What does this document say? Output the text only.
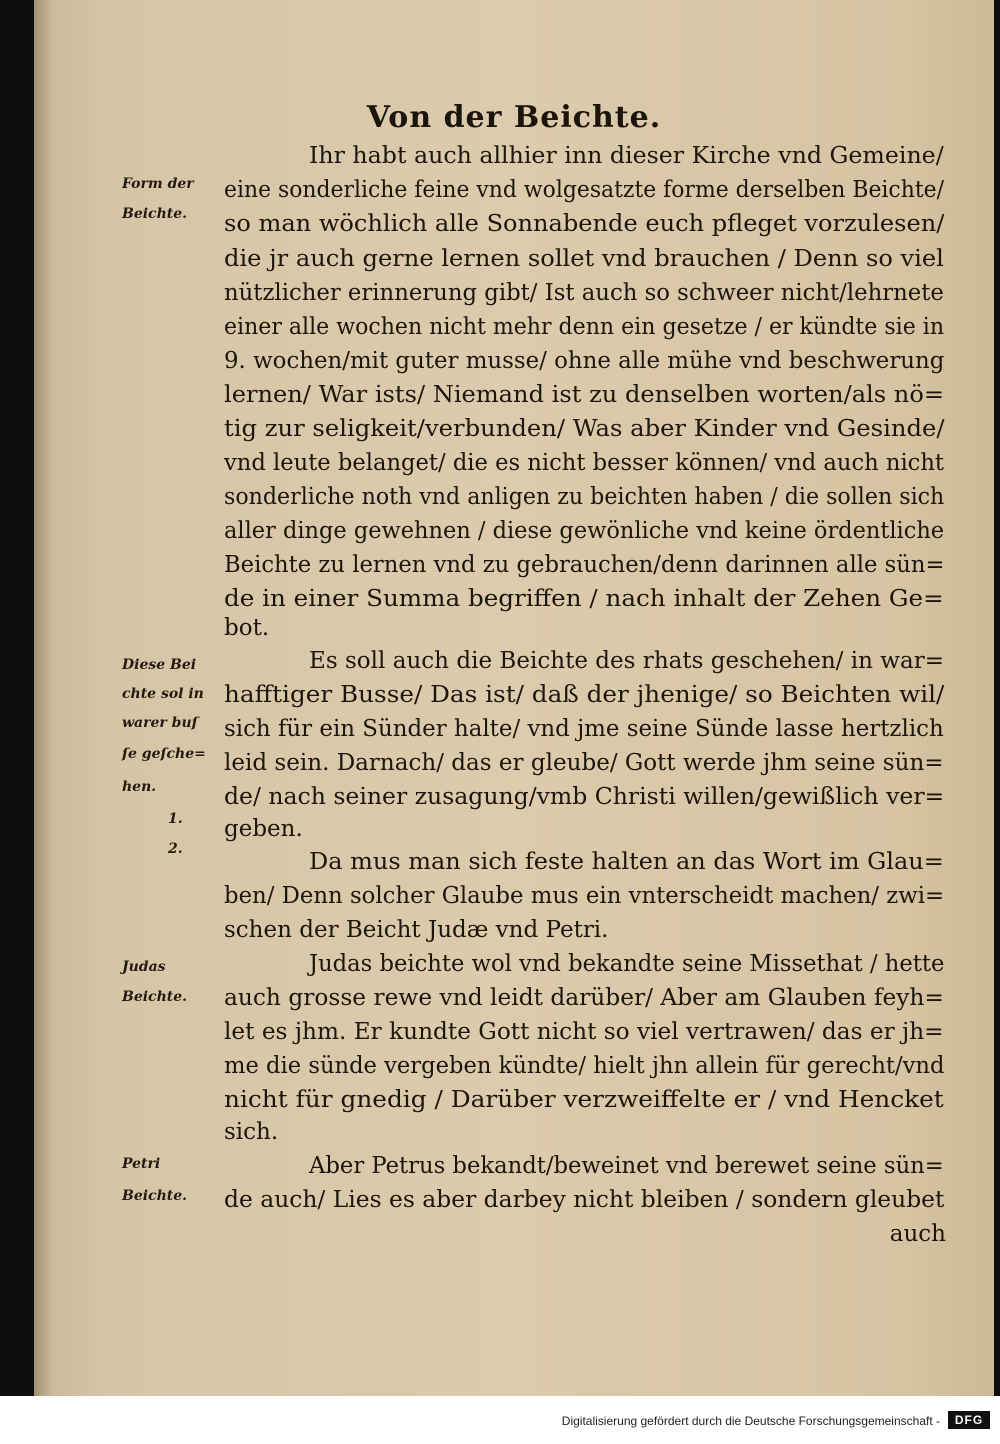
Von der Beichte.
Form der
Beichte.
Diese Bei
chte sol in
warer buſ
ſe geſche=
hen.
1.
2.
Judas
Beichte.
Petri
Beichte.
Ihr habt auch allhier inn dieser Kirche vnd Gemeine/
eine sonderliche feine vnd wolgesatzte forme derselben Beichte/
so man wöchlich alle Sonnabende euch pfleget vorzulesen/
die jr auch gerne lernen sollet vnd brauchen / Denn so viel
nützlicher erinnerung gibt/ Ist auch so schweer nicht/lehrnete
einer alle wochen nicht mehr denn ein gesetze / er kündte sie in
9. wochen/mit guter musse/ ohne alle mühe vnd beschwerung
lernen/ War ists/ Niemand ist zu denselben worten/als nö=
tig zur seligkeit/verbunden/ Was aber Kinder vnd Gesinde/
vnd leute belanget/ die es nicht besser können/ vnd auch nicht
sonderliche noth vnd anligen zu beichten haben / die sollen sich
aller dinge gewehnen / diese gewönliche vnd keine ördentliche
Beichte zu lernen vnd zu gebrauchen/denn darinnen alle sün=
de in einer Summa begriffen / nach inhalt der Zehen Ge=
bot.
Es soll auch die Beichte des rhats geschehen/ in war=
hafftiger Busse/ Das ist/ daß der jhenige/ so Beichten wil/
sich für ein Sünder halte/ vnd jme seine Sünde lasse hertzlich
leid sein. Darnach/ das er gleube/ Gott werde jhm seine sün=
de/ nach seiner zusagung/vmb Christi willen/gewißlich ver=
geben.
Da mus man sich feste halten an das Wort im Glau=
ben/ Denn solcher Glaube mus ein vnterscheidt machen/ zwi=
schen der Beicht Judæ vnd Petri.
Judas beichte wol vnd bekandte seine Missethat / hette
auch grosse rewe vnd leidt darüber/ Aber am Glauben feyh=
let es jhm. Er kundte Gott nicht so viel vertrawen/ das er jh=
me die sünde vergeben kündte/ hielt jhn allein für gerecht/vnd
nicht für gnedig / Darüber verzweiffelte er / vnd Hencket
sich.
Aber Petrus bekandt/beweinet vnd berewet seine sün=
de auch/ Lies es aber darbey nicht bleiben / sondern gleubet
auch
Digitalisierung gefördert durch die Deutsche Forschungsgemeinschaft -	DFG
